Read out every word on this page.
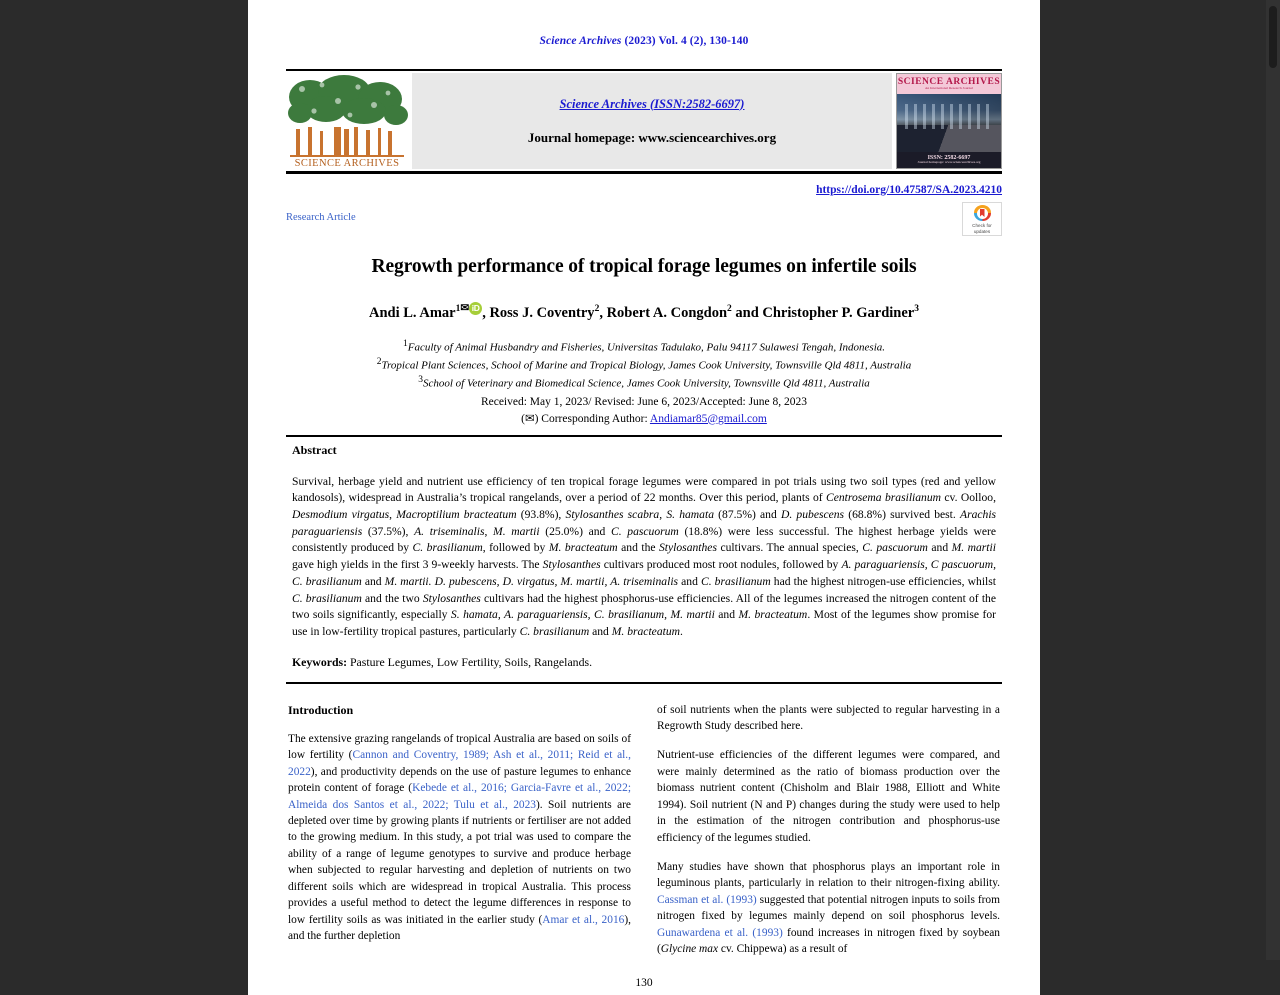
Science Archives (2023) Vol. 4 (2), 130-140
SCIENCE ARCHIVES
Science Archives (ISSN:2582-6697)
Journal homepage: www.sciencearchives.org
SCIENCE ARCHIVES
An International Research Journal
ISSN: 2582-6697
Journal homepage: www.sciencearchives.org
https://doi.org/10.47587/SA.2023.4210
Research Article
Check for
updates
Regrowth performance of tropical forage legumes on infertile soils
Andi L. Amar$^{1✉}$ iD , Ross J. Coventry$^2$, Robert A. Congdon$^2$ and Christopher P. Gardiner$^3$
1Faculty of Animal Husbandry and Fisheries, Universitas Tadulako, Palu 94117 Sulawesi Tengah, Indonesia.
2Tropical Plant Sciences, School of Marine and Tropical Biology, James Cook University, Townsville Qld 4811, Australia
3School of Veterinary and Biomedical Science, James Cook University, Townsville Qld 4811, Australia
Received: May 1, 2023/ Revised: June 6, 2023/Accepted: June 8, 2023
(✉) Corresponding Author: Andiamar85@gmail.com
Abstract
Survival, herbage yield and nutrient use efficiency of ten tropical forage legumes were compared in pot trials using two soil types (red and yellow kandosols), widespread in Australia’s tropical rangelands, over a period of 22 months. Over this period, plants of Centrosema brasilianum cv. Oolloo, Desmodium virgatus, Macroptilium bracteatum (93.8%), Stylosanthes scabra, S. hamata (87.5%) and D. pubescens (68.8%) survived best. Arachis paraguariensis (37.5%), A. triseminalis, M. martii (25.0%) and C. pascuorum (18.8%) were less successful. The highest herbage yields were consistently produced by C. brasilianum, followed by M. bracteatum and the Stylosanthes cultivars. The annual species, C. pascuorum and M. martii gave high yields in the first 3 9-weekly harvests. The Stylosanthes cultivars produced most root nodules, followed by A. paraguariensis, C pascuorum, C. brasilianum and M. martii. D. pubescens, D. virgatus, M. martii, A. triseminalis and C. brasilianum had the highest nitrogen-use efficiencies, whilst C. brasilianum and the two Stylosanthes cultivars had the highest phosphorus-use efficiencies. All of the legumes increased the nitrogen content of the two soils significantly, especially S. hamata, A. paraguariensis, C. brasilianum, M. martii and M. bracteatum. Most of the legumes show promise for use in low-fertility tropical pastures, particularly C. brasilianum and M. bracteatum.
Keywords: Pasture Legumes, Low Fertility, Soils, Rangelands.
Introduction

The extensive grazing rangelands of tropical Australia are based on soils of low fertility (Cannon and Coventry, 1989; Ash et al., 2011; Reid et al., 2022), and productivity depends on the use of pasture legumes to enhance protein content of forage (Kebede et al., 2016; Garcia-Favre et al., 2022; Almeida dos Santos et al., 2022; Tulu et al., 2023). Soil nutrients are depleted over time by growing plants if nutrients or fertiliser are not added to the growing medium. In this study, a pot trial was used to compare the ability of a range of legume genotypes to survive and produce herbage when subjected to regular harvesting and depletion of nutrients on two different soils which are widespread in tropical Australia. This process provides a useful method to detect the legume differences in response to low fertility soils as was initiated in the earlier study (Amar et al., 2016), and the further depletion

of soil nutrients when the plants were subjected to regular harvesting in a Regrowth Study described here.

Nutrient-use efficiencies of the different legumes were compared, and were mainly determined as the ratio of biomass production over the biomass nutrient content (Chisholm and Blair 1988, Elliott and White 1994). Soil nutrient (N and P) changes during the study were used to help in the estimation of the nitrogen contribution and phosphorus-use efficiency of the legumes studied.

Many studies have shown that phosphorus plays an important role in leguminous plants, particularly in relation to their nitrogen-fixing ability. Cassman et al. (1993) suggested that potential nitrogen inputs to soils from nitrogen fixed by legumes mainly depend on soil phosphorus levels. Gunawardena et al. (1993) found increases in nitrogen fixed by soybean (Glycine max cv. Chippewa) as a result of

130
